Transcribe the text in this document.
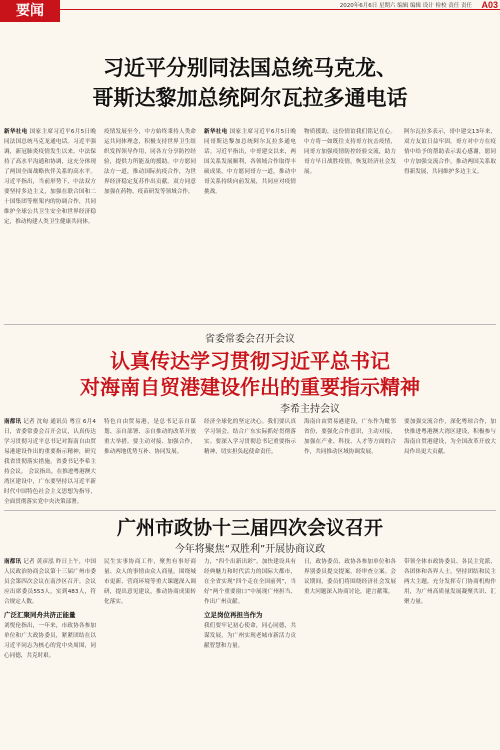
要闻	2020年6月6日 星期六 编辑 编辑 设计 检校 责任 责任 A03
习近平分别同法国总统马克龙、
哥斯达黎加总统阿尔瓦拉多通电话
新华社电 国家主席习近平6月5日晚同法国总统马克龙通电话。习近平强调，新冠肺炎疫情发生以来，中法保持了高水平沟通和协调，这充分体现了两国全面战略伙伴关系的高水平。习近平指出，当前形势下，中法双方要坚持多边主义，加强在联合国和二十国集团等框架内的协调合作，共同维护全球公共卫生安全和世界经济稳定，推动构建人类卫生健康共同体。
疫情发展至今，中方始终秉持人类命运共同体理念，积极支持世界卫生组织发挥领导作用，同各方分享防控经验，提供力所能及的援助。中方愿同法方一道，推动国际抗疫合作，为世界经济稳定复苏作出贡献。双方同意加强在药物、疫苗研发等领域合作。
新华社电 国家主席习近平6月5日晚同哥斯达黎加总统阿尔瓦拉多通电话。习近平指出，中哥建交以来，两国关系发展顺利，各领域合作取得丰硕成果。中方愿同哥方一道，推动中哥关系持续向前发展，共同应对疫情挑战。
物质援助，这份情谊我们铭记在心。中方将一如既往支持哥方抗击疫情，同哥方加强疫情防控经验交流，助力哥方早日战胜疫情，恢复经济社会发展。
阿尔瓦拉多表示，哥中建交13年来，双方友谊日益牢固。哥方对中方在疫情中给予的帮助表示衷心感谢，愿同中方加强交流合作，推动两国关系取得新发展，共同维护多边主义。
省委常委会召开会议
认真传达学习贯彻习近平总书记
对海南自贸港建设作出的重要指示精神
李希主持会议
南都讯 记者 沈甸 通讯员 粤宣 6月4日，省委常委会召开会议，认真传达学习贯彻习近平总书记对海南自由贸易港建设作出的重要指示精神，研究我省贯彻落实措施。省委书记李希主持会议。 会议指出，在推进粤港澳大湾区建设中，广东要坚持以习近平新时代中国特色社会主义思想为指导，全面贯彻落实党中央决策部署。
特色自由贸易港，是总书记亲自谋划、亲自部署、亲自推动的改革开放重大举措。要主动对接、加强合作，推动两地优势互补、协同发展。
经济全球化的坚定决心。我们要认真学习领会，结合广东实际抓好贯彻落实。要深入学习贯彻总书记重要指示精神，切实担负起使命责任。
海南自由贸易港建设，广东作为毗邻省份，要强化合作意识，主动对接，加强在产业、科技、人才等方面的合作，共同推动区域协调发展。
要加强交流合作，深化粤琼合作，加快推进粤港澳大湾区建设，积极参与海南自贸港建设，为全国改革开放大局作出更大贡献。
广州市政协十三届四次会议召开
今年将聚焦“双胜利”开展协商议政
南都讯 记者 黄彦泓 昨日上午，中国人民政治协商会议第十三届广州市委员会第四次会议在南沙区召开。会议应出席委员553人，实到483人，符合规定人数。
广泛汇聚同舟共济正能量
刘悦伦指出，一年来，市政协各参加单位和广大政协委员，紧紧团结在以习近平同志为核心的党中央周围，同心同德，共克时艰。
民生实事协商工作，聚焦有事好商量、众人的事情由众人商量。围绕城市更新、营商环境等重大课题深入调研，提出意见建议，推动协商成果转化落实。
力，“四个出新出彩”。加快建设具有经典魅力和时代活力的国际大都市，在全省实现“四个走在全国前列”，当好“两个重要窗口”中展现广州担当、作出广州贡献。
立足岗位再担当作为
我们要牢记初心使命，同心同德，共谋发展，为广州实现老城市新活力贡献智慧和力量。
日，政协委员、政协各参加单位和各界别委员提交提案，经审查立案。会议期间，委员们将围绕经济社会发展重大问题深入协商讨论，建言献策。
带领全体市政协委员、各民主党派、各团体和各界人士，坚持团结和民主两大主题，充分发挥专门协商机构作用，为广州高质量发展凝聚共识、汇聚力量。
